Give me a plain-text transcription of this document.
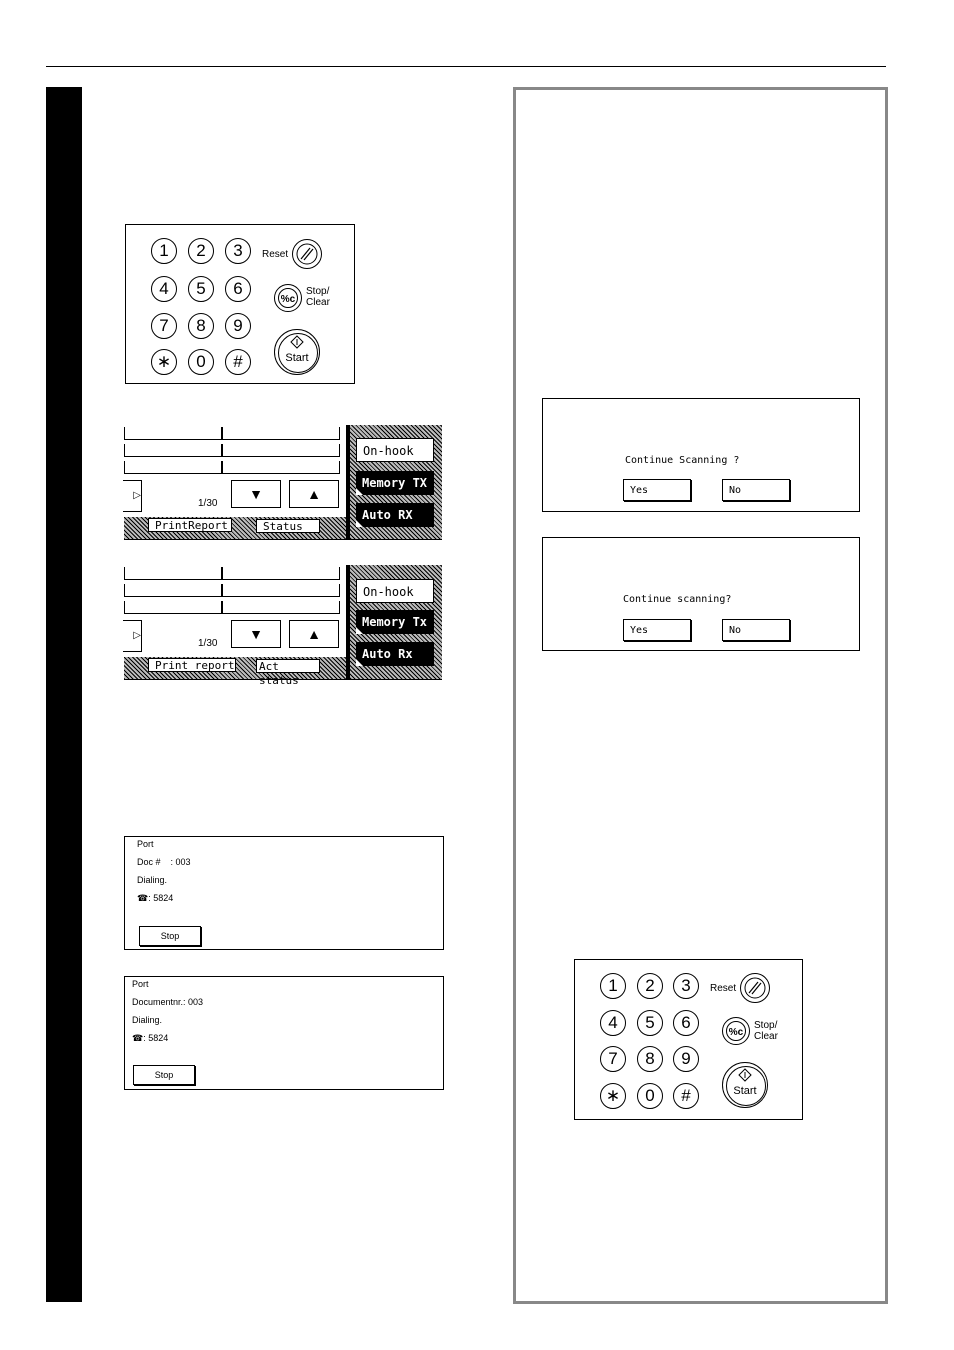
1	2	3
4	5	6
7	8	9
∗	0	#
Reset
%c
Stop/
Clear
Start
▷
1/30
▼	▲
PrintReport	Status
On-hook
Memory TX
Auto RX
▷
1/30
▼	▲
Print report Act status
On-hook
Memory Tx
Auto Rx
Port
Doc #    : 003
Dialing.
☎: 5824
Stop
Port
Documentnr.: 003
Dialing.
☎: 5824
Stop
Continue Scanning ?
Yes	No
Continue scanning?
Yes	No
1	2	3
4	5	6
7	8	9
∗	0	#
Reset
%c
Stop/
Clear
Start
